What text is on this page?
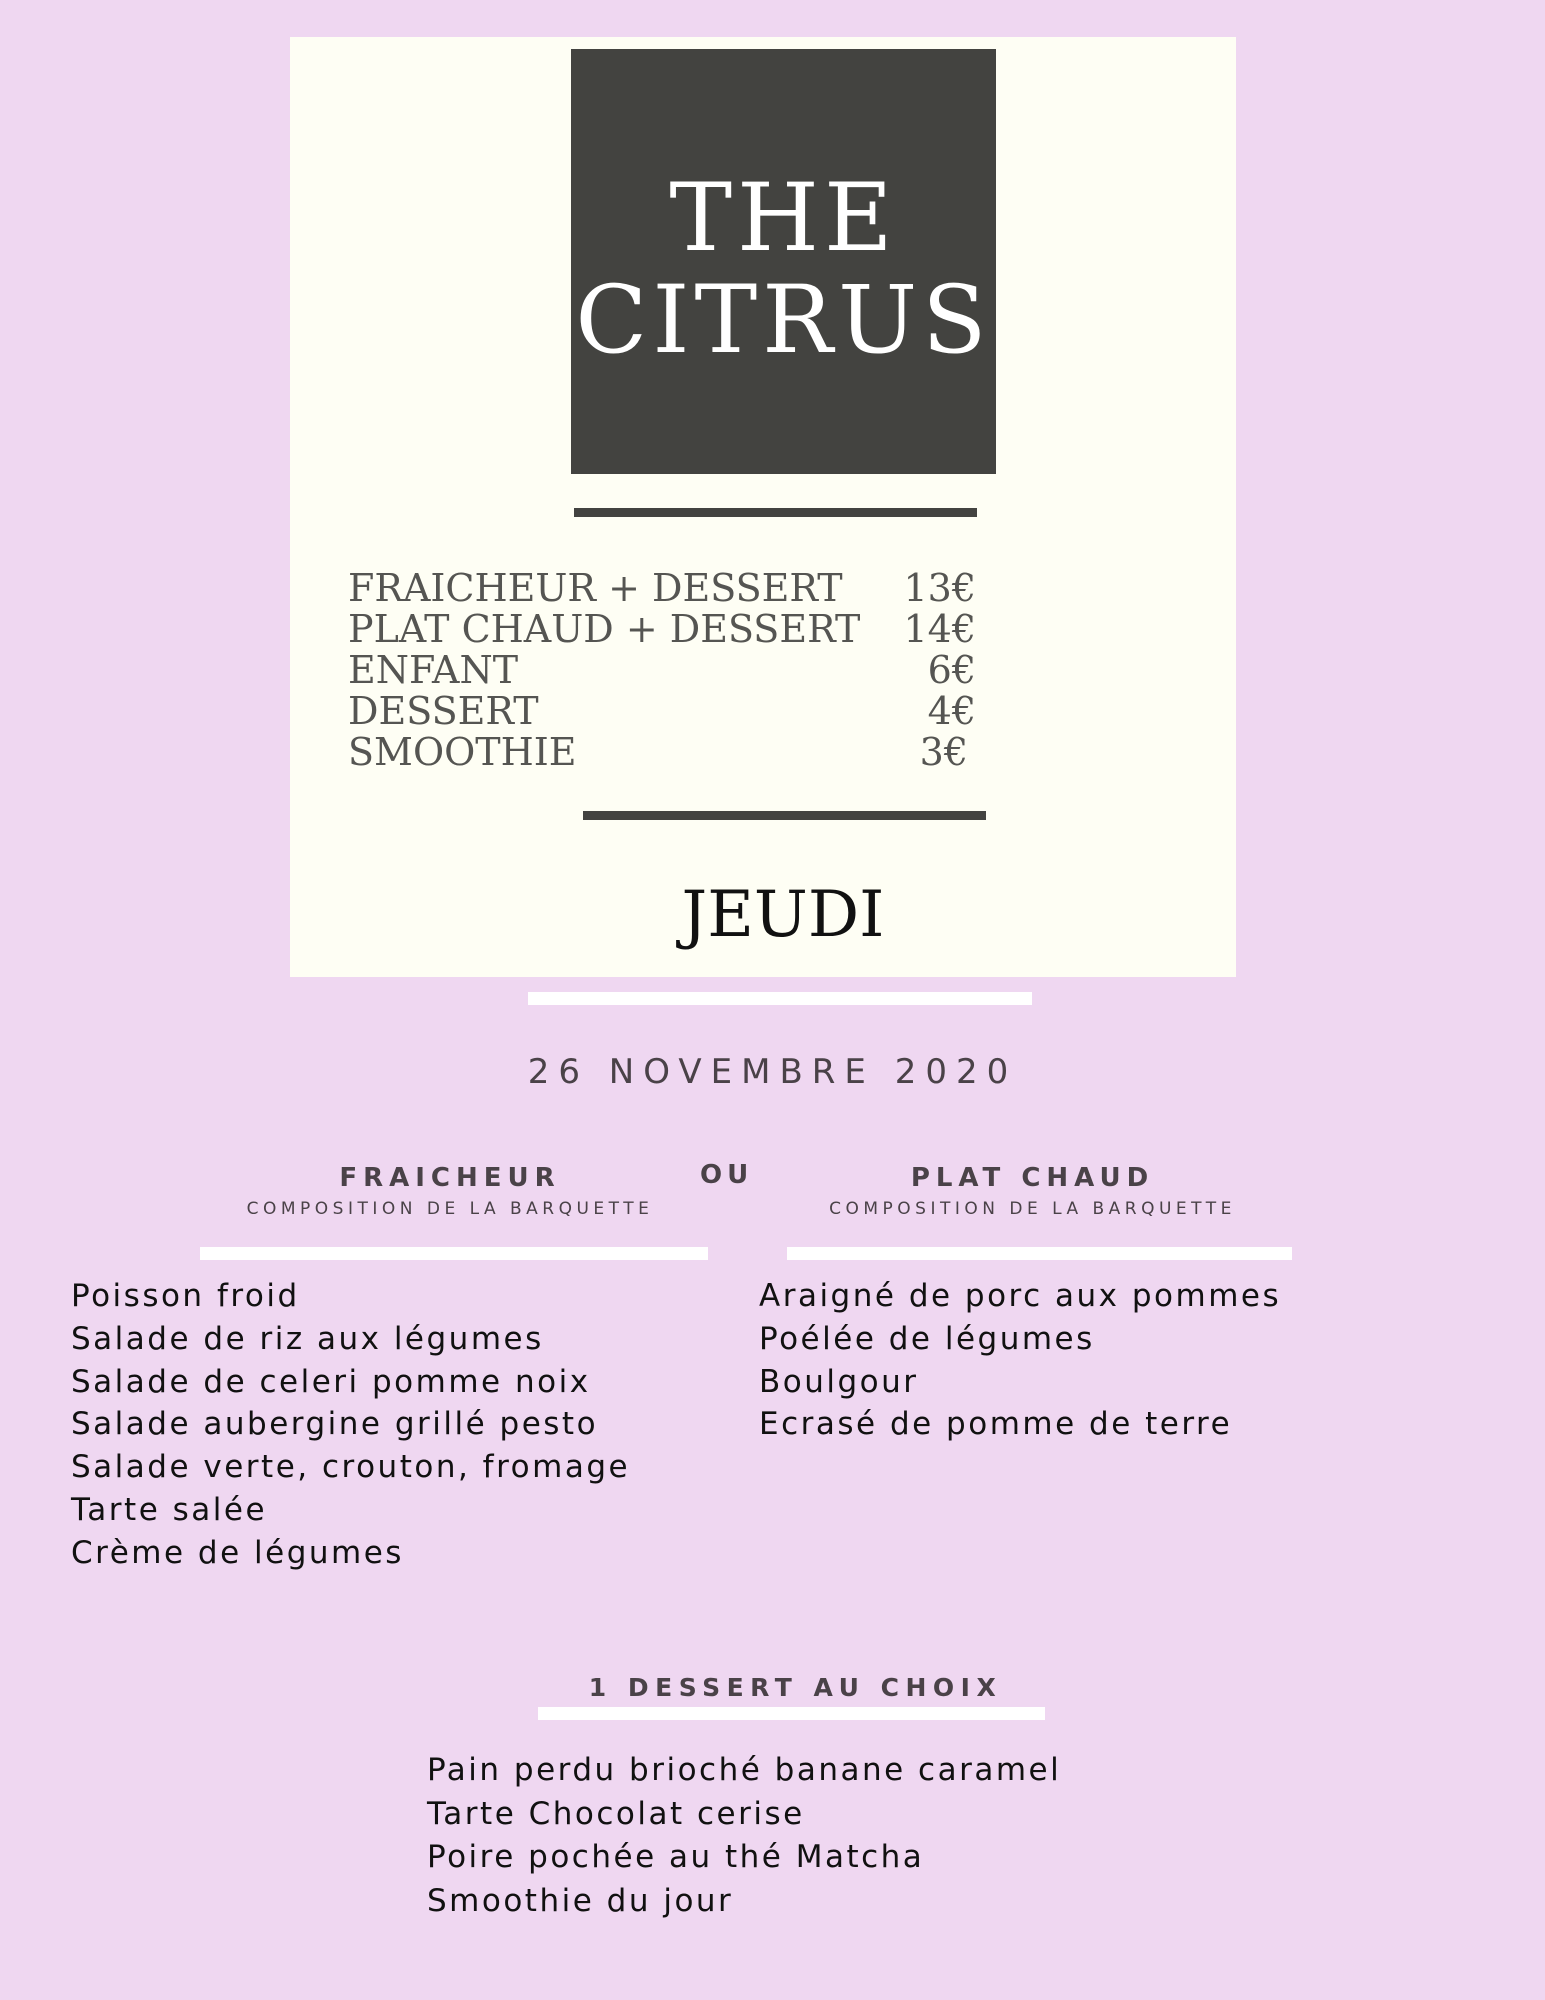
THE
CITRUS
FRAICHEUR + DESSERT 13€
PLAT CHAUD + DESSERT 14€
ENFANT	6€
DESSERT	4€
SMOOTHIE	3€
JEUDI
26 NOVEMBRE 2020
FRAICHEUR
COMPOSITION DE LA BARQUETTE
OU	PLAT CHAUD
COMPOSITION DE LA BARQUETTE
Poisson froid
Salade de riz aux légumes
Salade de celeri pomme noix
Salade aubergine grillé pesto
Salade verte, crouton, fromage
Tarte salée
Crème de légumes
Araigné de porc aux pommes
Poélée de légumes
Boulgour
Ecrasé de pomme de terre
1 DESSERT AU CHOIX
Pain perdu brioché banane caramel
Tarte Chocolat cerise
Poire pochée au thé Matcha
Smoothie du jour
